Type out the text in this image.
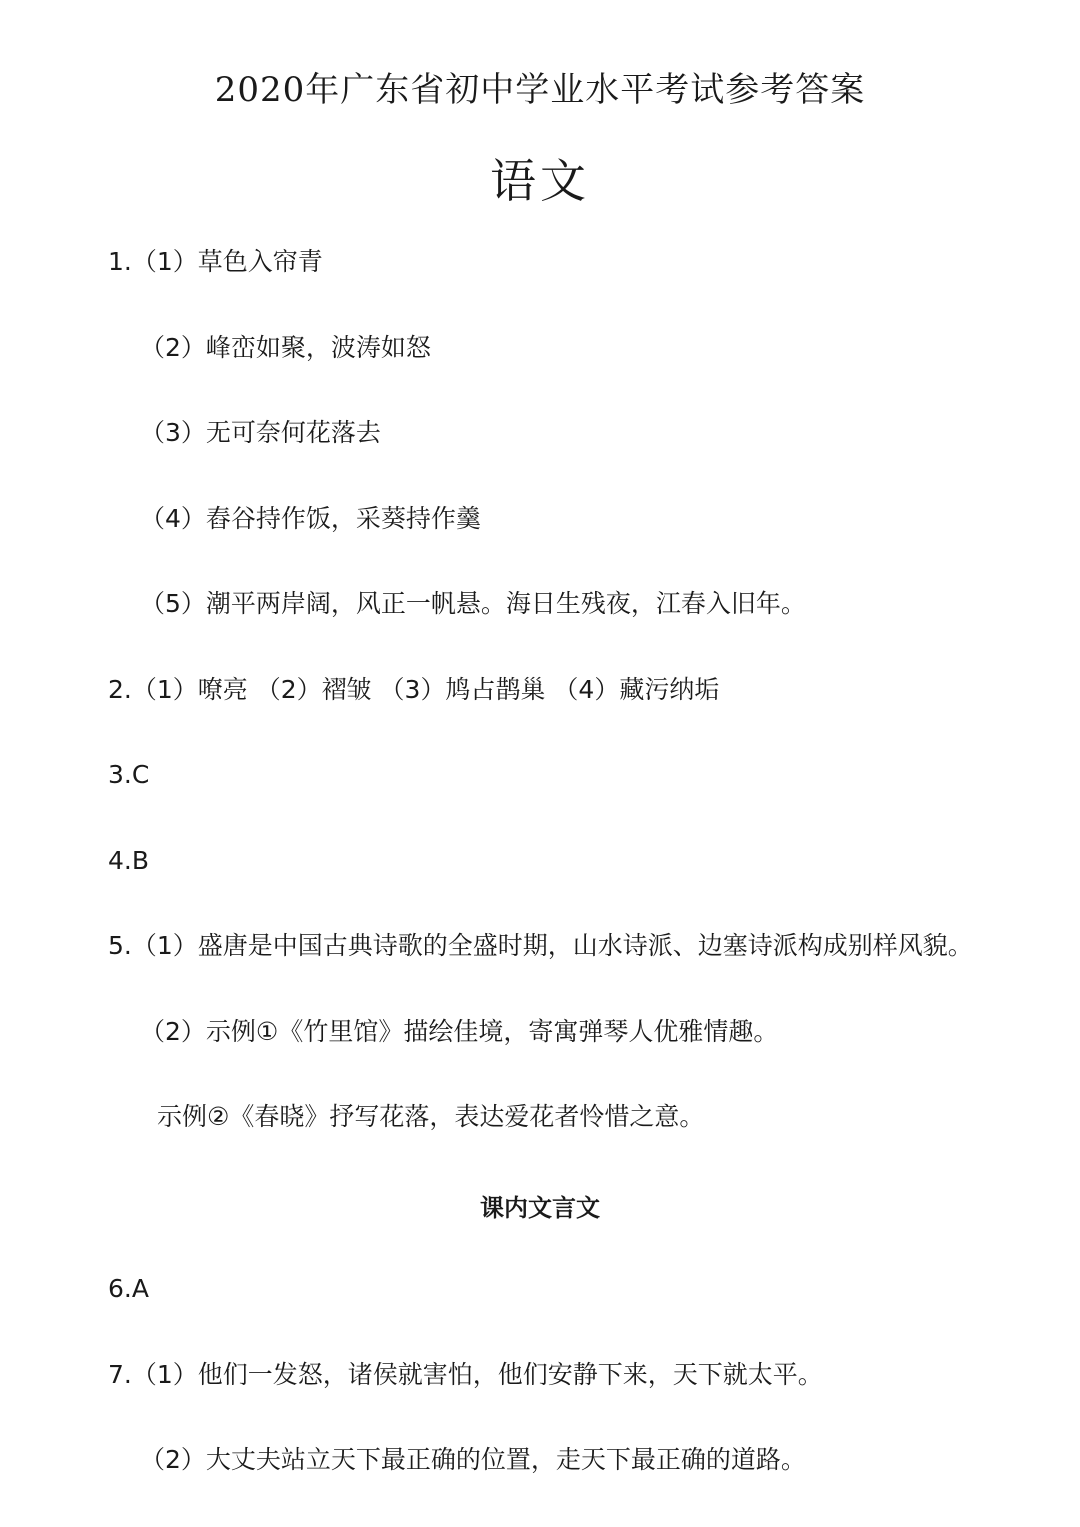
2020年广东省初中学业水平考试参考答案
语文

1.（1）草色入帘青

（2）峰峦如聚，波涛如怒

（3）无可奈何花落去

（4）舂谷持作饭，采葵持作羹

（5）潮平两岸阔，风正一帆悬。海日生残夜，江春入旧年。

2.（1）嘹亮 （2）褶皱 （3）鸠占鹊巢 （4）藏污纳垢

3.C

4.B

5.（1）盛唐是中国古典诗歌的全盛时期，山水诗派、边塞诗派构成别样风貌。

（2）示例①《竹里馆》描绘佳境，寄寓弹琴人优雅情趣。

示例②《春晓》抒写花落，表达爱花者怜惜之意。

课内文言文

6.A

7.（1）他们一发怒，诸侯就害怕，他们安静下来，天下就太平。

（2）大丈夫站立天下最正确的位置，走天下最正确的道路。
